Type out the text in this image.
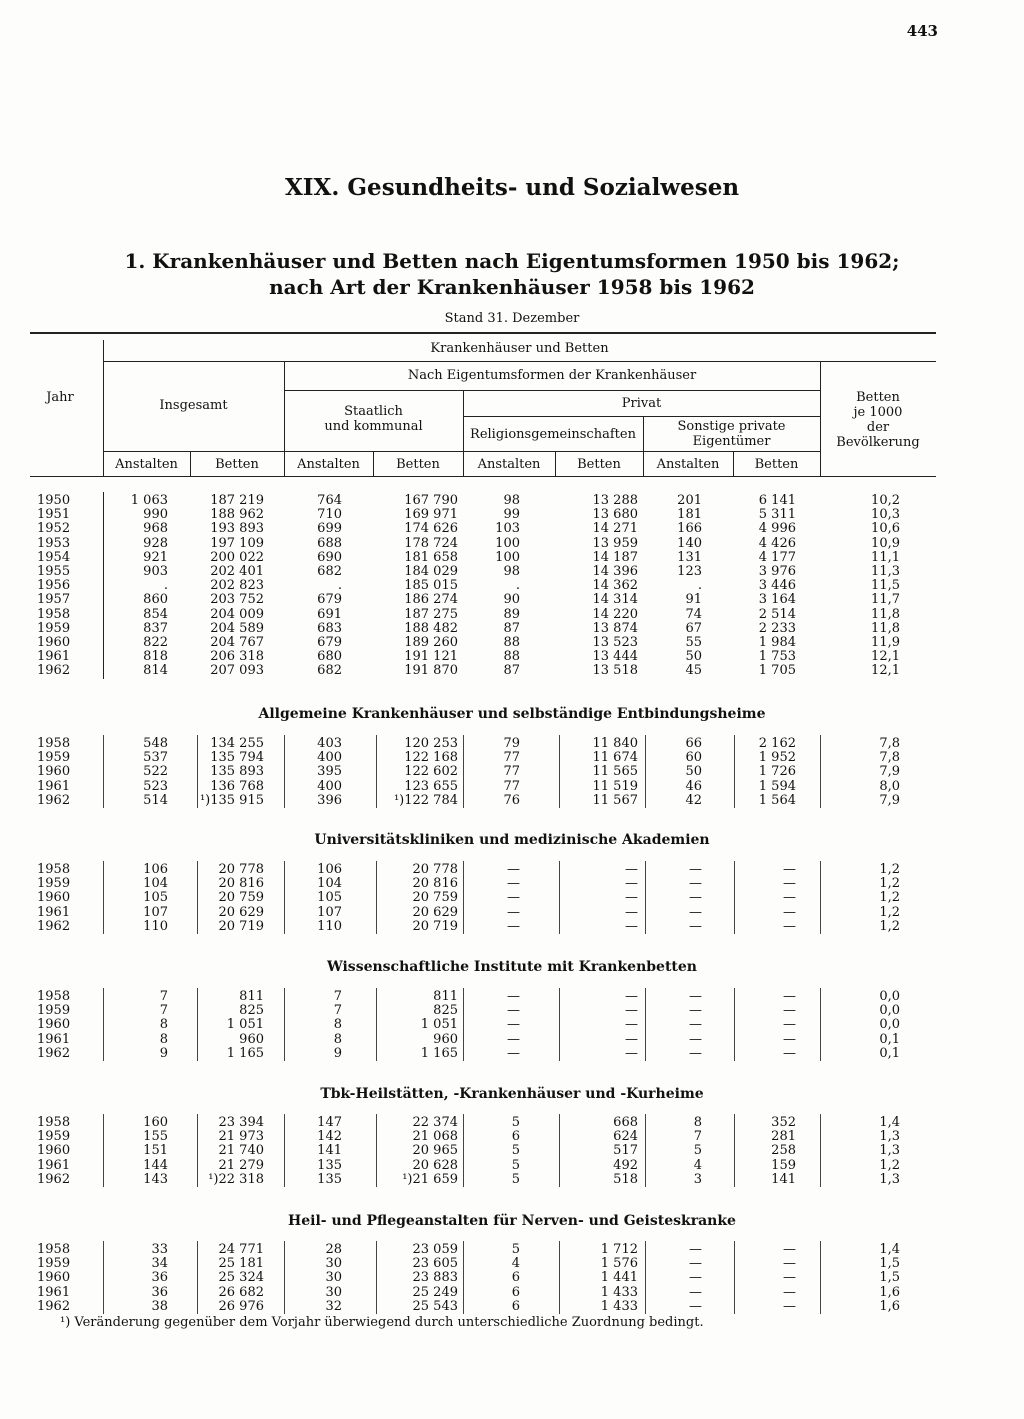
443
XIX. Gesundheits- und Sozialwesen
1. Krankenhäuser und Betten nach Eigentumsformen 1950 bis 1962;
nach Art der Krankenhäuser 1958 bis 1962
Stand 31. Dezember
Jahr
Krankenhäuser und Betten
Insgesamt
Nach Eigentumsformen der Krankenhäuser
Staatlich
und kommunal
Privat
Religionsgemeinschaften
Sonstige private
Eigentümer
Betten
je 1000
der
Bevölkerung
Anstalten	Betten	Anstalten	Betten	Anstalten	Betten	Anstalten	Betten
1950	1 063	187 219	764	167 790	98	13 288	201	6 141	10,2
1951	990	188 962	710	169 971	99	13 680	181	5 311	10,3
1952	968	193 893	699	174 626	103	14 271	166	4 996	10,6
1953	928	197 109	688	178 724	100	13 959	140	4 426	10,9
1954	921	200 022	690	181 658	100	14 187	131	4 177	11,1
1955	903	202 401	682	184 029	98	14 396	123	3 976	11,3
1956	.	202 823	.	185 015	.	14 362	.	3 446	11,5
1957	860	203 752	679	186 274	90	14 314	91	3 164	11,7
1958	854	204 009	691	187 275	89	14 220	74	2 514	11,8
1959	837	204 589	683	188 482	87	13 874	67	2 233	11,8
1960	822	204 767	679	189 260	88	13 523	55	1 984	11,9
1961	818	206 318	680	191 121	88	13 444	50	1 753	12,1
1962	814	207 093	682	191 870	87	13 518	45	1 705	12,1
Allgemeine Krankenhäuser und selbständige Entbindungsheime
1958	548	134 255	403	120 253	79	11 840	66	2 162	7,8
1959	537	135 794	400	122 168	77	11 674	60	1 952	7,8
1960	522	135 893	395	122 602	77	11 565	50	1 726	7,9
1961	523	136 768	400	123 655	77	11 519	46	1 594	8,0
1962	514	¹)135 915	396	¹)122 784	76	11 567	42	1 564	7,9
Universitätskliniken und medizinische Akademien
1958	106	20 778	106	20 778	—	—	—	—	1,2
1959	104	20 816	104	20 816	—	—	—	—	1,2
1960	105	20 759	105	20 759	—	—	—	—	1,2
1961	107	20 629	107	20 629	—	—	—	—	1,2
1962	110	20 719	110	20 719	—	—	—	—	1,2
Wissenschaftliche Institute mit Krankenbetten
1958	7	811	7	811	—	—	—	—	0,0
1959	7	825	7	825	—	—	—	—	0,0
1960	8	1 051	8	1 051	—	—	—	—	0,0
1961	8	960	8	960	—	—	—	—	0,1
1962	9	1 165	9	1 165	—	—	—	—	0,1
Tbk-Heilstätten, -Krankenhäuser und -Kurheime
1958	160	23 394	147	22 374	5	668	8	352	1,4
1959	155	21 973	142	21 068	6	624	7	281	1,3
1960	151	21 740	141	20 965	5	517	5	258	1,3
1961	144	21 279	135	20 628	5	492	4	159	1,2
1962	143	¹)22 318	135	¹)21 659	5	518	3	141	1,3
Heil- und Pflegeanstalten für Nerven- und Geisteskranke
1958	33	24 771	28	23 059	5	1 712	—	—	1,4
1959	34	25 181	30	23 605	4	1 576	—	—	1,5
1960	36	25 324	30	23 883	6	1 441	—	—	1,5
1961	36	26 682	30	25 249	6	1 433	—	—	1,6
1962	38	26 976	32	25 543	6	1 433	—	—	1,6
¹) Veränderung gegenüber dem Vorjahr überwiegend durch unterschiedliche Zuordnung bedingt.
